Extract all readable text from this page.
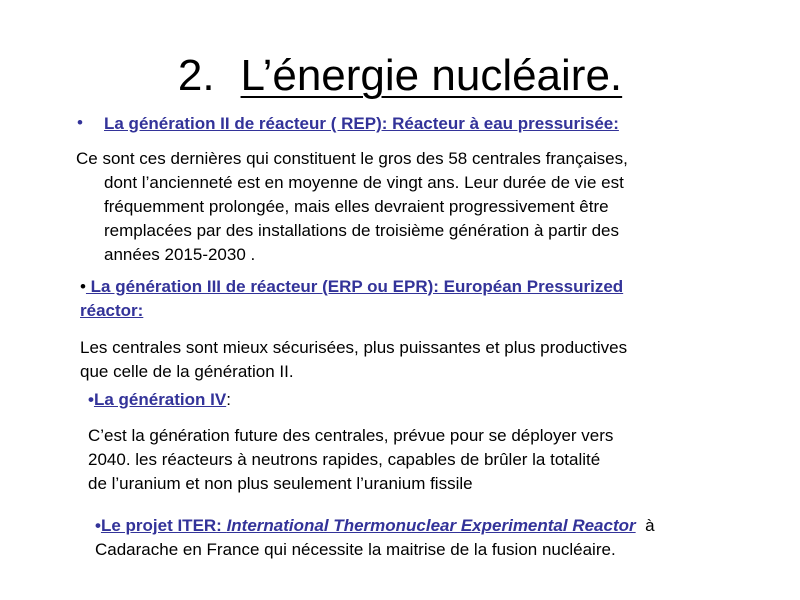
2. L’énergie nucléaire.
• La génération II de réacteur ( REP): Réacteur à eau pressurisée:
Ce sont ces dernières qui constituent le gros des 58 centrales françaises,
dont l’ancienneté est en moyenne de vingt ans. Leur durée de vie est
fréquemment prolongée, mais elles devraient progressivement être
remplacées par des installations de troisième génération à partir des
années 2015-2030 .
• La génération III de réacteur (ERP ou EPR): Européan Pressurized
réactor:
Les centrales sont mieux sécurisées, plus puissantes et plus productives
que celle de la génération II.
•La génération IV:
C’est la génération future des centrales, prévue pour se déployer vers
2040. les réacteurs à neutrons rapides, capables de brûler la totalité
de l’uranium et non plus seulement l’uranium fissile
•Le projet ITER: International Thermonuclear Experimental Reactor  à
Cadarache en France qui nécessite la maitrise de la fusion nucléaire.
